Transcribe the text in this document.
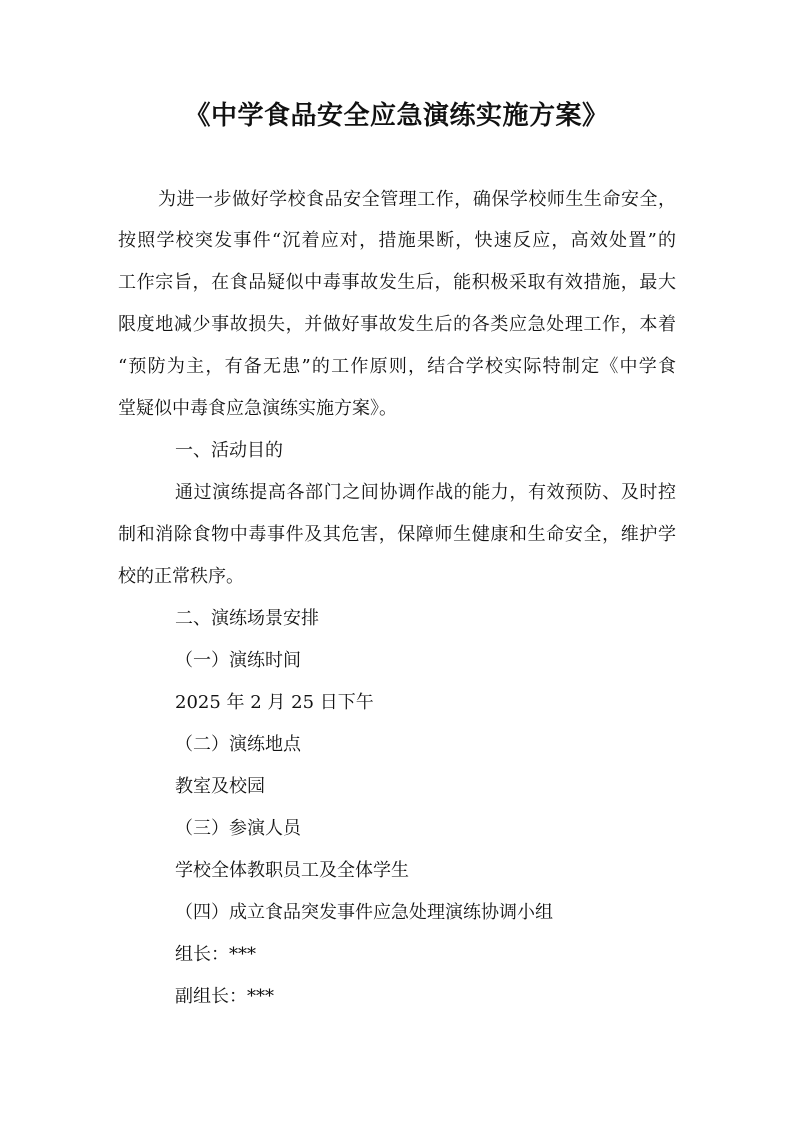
《中学食品安全应急演练实施方案》
为进一步做好学校食品安全管理工作，确保学校师生生命安全，
按照学校突发事件“沉着应对，措施果断，快速反应，高效处置”的
工作宗旨，在食品疑似中毒事故发生后，能积极采取有效措施，最大
限度地减少事故损失，并做好事故发生后的各类应急处理工作，本着
“预防为主，有备无患”的工作原则，结合学校实际特制定《中学食
堂疑似中毒食应急演练实施方案》。
一、活动目的
通过演练提高各部门之间协调作战的能力，有效预防、及时控
制和消除食物中毒事件及其危害，保障师生健康和生命安全，维护学
校的正常秩序。
二、演练场景安排
（一）演练时间
2025 年 2 月 25 日下午
（二）演练地点
教室及校园
（三）参演人员
学校全体教职员工及全体学生
（四）成立食品突发事件应急处理演练协调小组
组长：***
副组长：***
